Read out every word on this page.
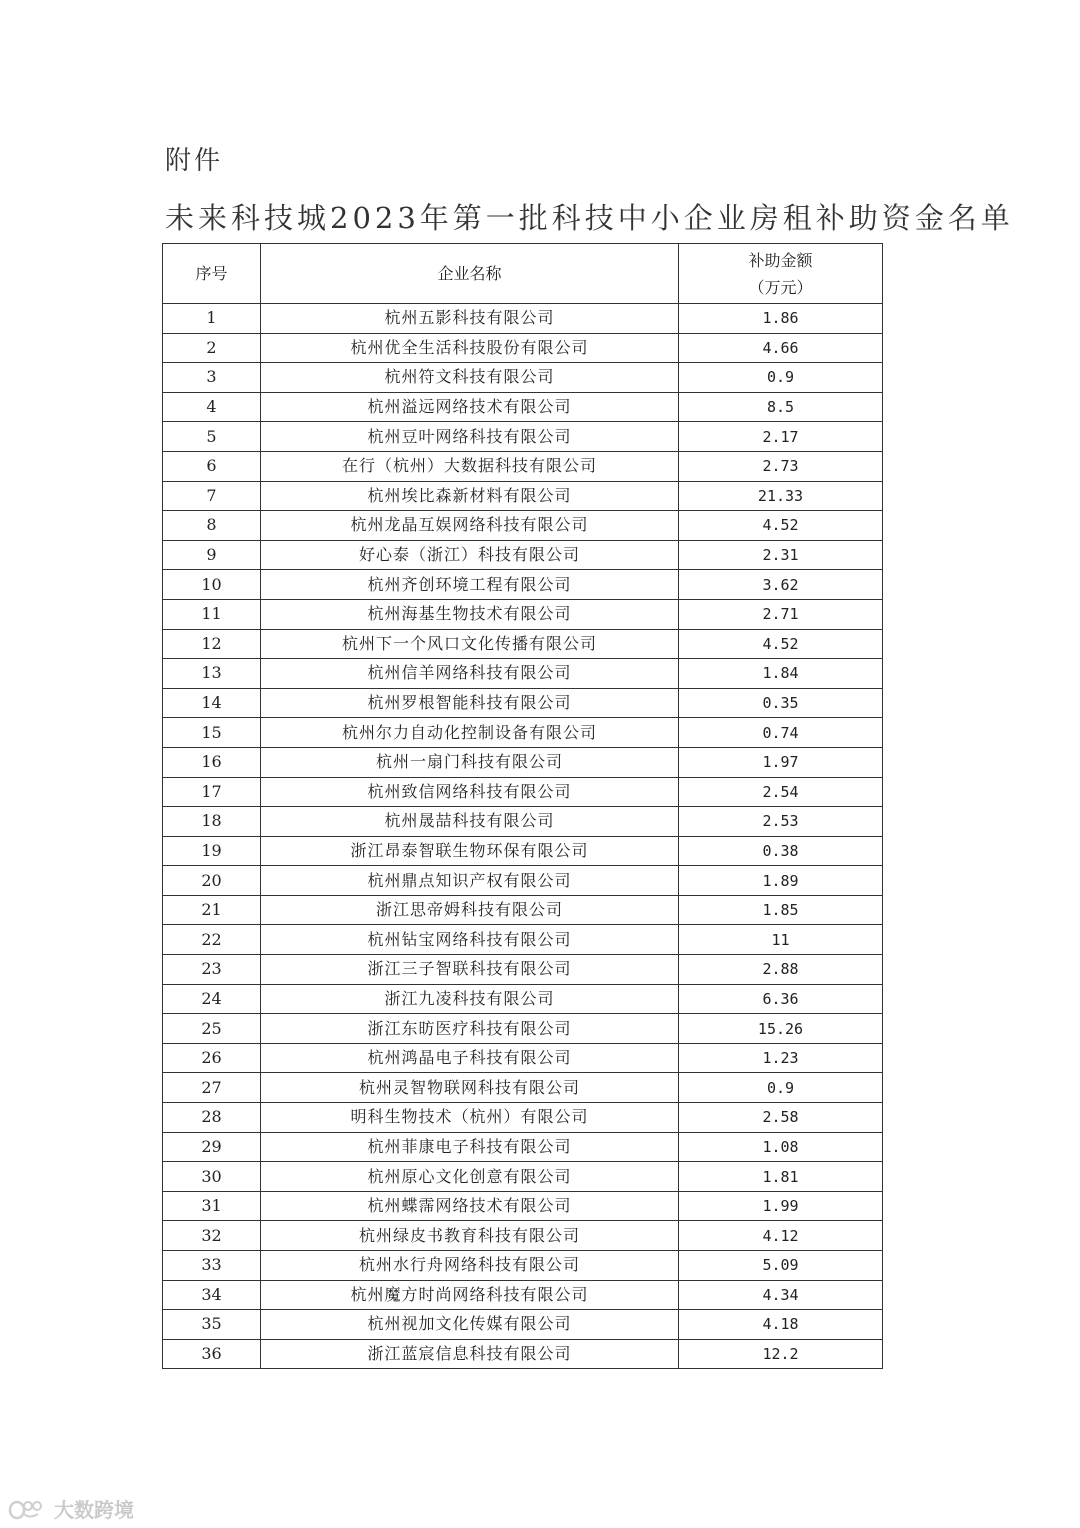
附件
未来科技城2023年第一批科技中小企业房租补助资金名单
序号	企业名称	补助金额
（万元）

1	杭州五影科技有限公司	1.86
2	杭州优全生活科技股份有限公司	4.66
3	杭州符文科技有限公司	0.9
4	杭州溢远网络技术有限公司	8.5
5	杭州豆叶网络科技有限公司	2.17
6	在行（杭州）大数据科技有限公司	2.73
7	杭州埃比森新材料有限公司	21.33
8	杭州龙晶互娱网络科技有限公司	4.52
9	好心泰（浙江）科技有限公司	2.31
10	杭州齐创环境工程有限公司	3.62
11	杭州海基生物技术有限公司	2.71
12	杭州下一个风口文化传播有限公司	4.52
13	杭州信羊网络科技有限公司	1.84
14	杭州罗根智能科技有限公司	0.35
15	杭州尔力自动化控制设备有限公司	0.74
16	杭州一扇门科技有限公司	1.97
17	杭州致信网络科技有限公司	2.54
18	杭州晟喆科技有限公司	2.53
19	浙江昂泰智联生物环保有限公司	0.38
20	杭州鼎点知识产权有限公司	1.89
21	浙江思帝姆科技有限公司	1.85
22	杭州钻宝网络科技有限公司	11
23	浙江三子智联科技有限公司	2.88
24	浙江九凌科技有限公司	6.36
25	浙江东昉医疗科技有限公司	15.26
26	杭州鸿晶电子科技有限公司	1.23
27	杭州灵智物联网科技有限公司	0.9
28	明科生物技术（杭州）有限公司	2.58
29	杭州菲康电子科技有限公司	1.08
30	杭州原心文化创意有限公司	1.81
31	杭州蝶霈网络技术有限公司	1.99
32	杭州绿皮书教育科技有限公司	4.12
33	杭州水行舟网络科技有限公司	5.09
34	杭州魔方时尚网络科技有限公司	4.34
35	杭州视加文化传媒有限公司	4.18
36	浙江蓝宸信息科技有限公司	12.2
大数跨境
